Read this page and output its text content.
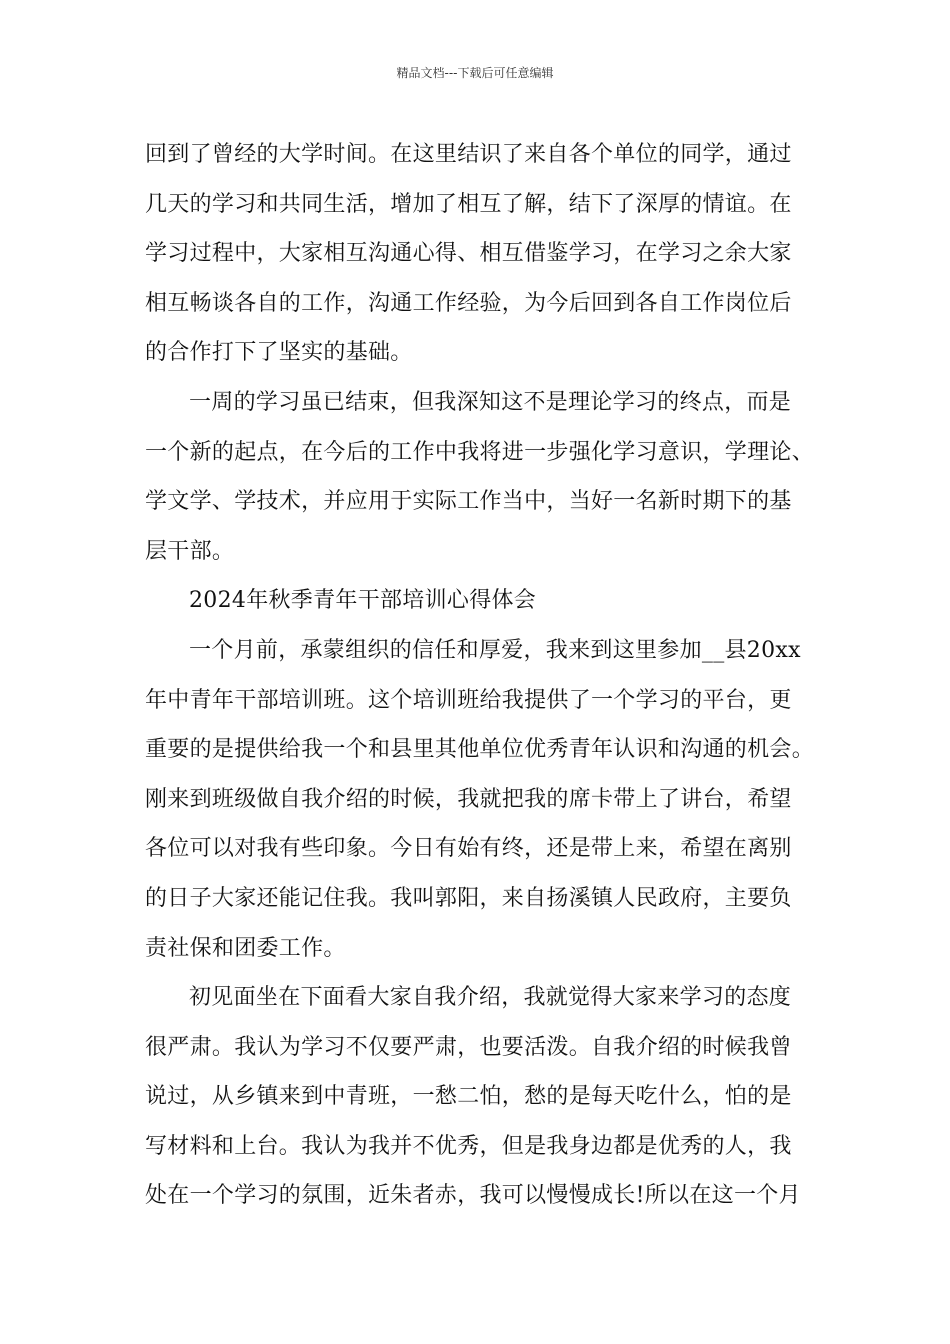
精品文档---下载后可任意编辑
回到了曾经的大学时间。在这里结识了来自各个单位的同学，通过
几天的学习和共同生活，增加了相互了解，结下了深厚的情谊。在
学习过程中，大家相互沟通心得、相互借鉴学习，在学习之余大家
相互畅谈各自的工作，沟通工作经验，为今后回到各自工作岗位后
的合作打下了坚实的基础。
一周的学习虽已结束，但我深知这不是理论学习的终点，而是
一个新的起点，在今后的工作中我将进一步强化学习意识，学理论、
学文学、学技术，并应用于实际工作当中，当好一名新时期下的基
层干部。
2024年秋季青年干部培训心得体会
一个月前，承蒙组织的信任和厚爱，我来到这里参加__县20xx
年中青年干部培训班。这个培训班给我提供了一个学习的平台，更
重要的是提供给我一个和县里其他单位优秀青年认识和沟通的机会。
刚来到班级做自我介绍的时候，我就把我的席卡带上了讲台，希望
各位可以对我有些印象。今日有始有终，还是带上来，希望在离别
的日子大家还能记住我。我叫郭阳，来自扬溪镇人民政府，主要负
责社保和团委工作。
初见面坐在下面看大家自我介绍，我就觉得大家来学习的态度
很严肃。我认为学习不仅要严肃，也要活泼。自我介绍的时候我曾
说过，从乡镇来到中青班，一愁二怕，愁的是每天吃什么，怕的是
写材料和上台。我认为我并不优秀，但是我身边都是优秀的人，我
处在一个学习的氛围，近朱者赤，我可以慢慢成长!所以在这一个月
